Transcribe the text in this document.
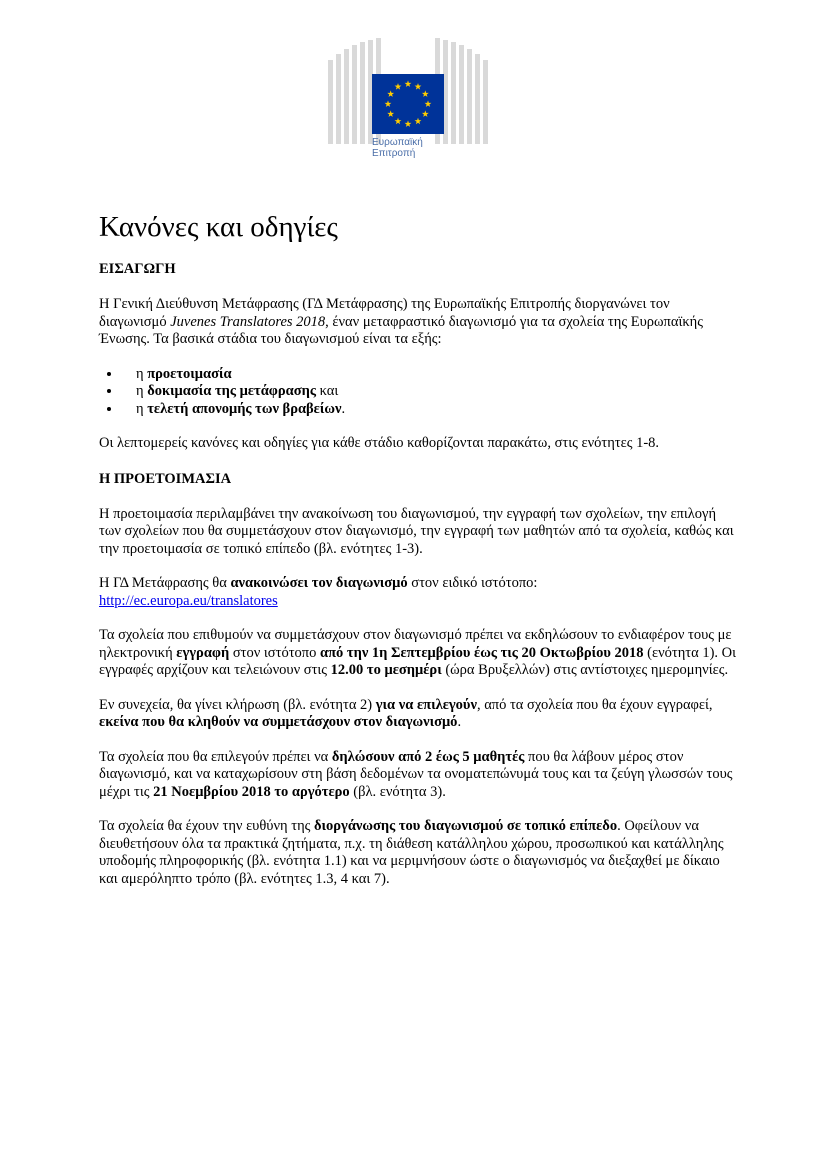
Ευρωπαϊκή
Επιτροπή
Κανόνες και οδηγίες
ΕΙΣΑΓΩΓΗ

Η Γενική Διεύθυνση Μετάφρασης (ΓΔ Μετάφρασης) της Ευρωπαϊκής Επιτροπής διοργανώνει τον διαγωνισμό Juvenes Translatores 2018, έναν μεταφραστικό διαγωνισμό για τα σχολεία της Ευρωπαϊκής Ένωσης. Τα βασικά στάδια του διαγωνισμού είναι τα εξής:

• η προετοιμασία
• η δοκιμασία της μετάφρασης και
• η τελετή απονομής των βραβείων.

Οι λεπτομερείς κανόνες και οδηγίες για κάθε στάδιο καθορίζονται παρακάτω, στις ενότητες 1-8.

Η ΠΡΟΕΤΟΙΜΑΣΙΑ

Η προετοιμασία περιλαμβάνει την ανακοίνωση του διαγωνισμού, την εγγραφή των σχολείων, την επιλογή των σχολείων που θα συμμετάσχουν στον διαγωνισμό, την εγγραφή των μαθητών από τα σχολεία, καθώς και την προετοιμασία σε τοπικό επίπεδο (βλ. ενότητες 1-3).

Η ΓΔ Μετάφρασης θα ανακοινώσει τον διαγωνισμό στον ειδικό ιστότοπο:
http://ec.europa.eu/translatores

Τα σχολεία που επιθυμούν να συμμετάσχουν στον διαγωνισμό πρέπει να εκδηλώσουν το ενδιαφέρον τους με ηλεκτρονική εγγραφή στον ιστότοπο από την 1η Σεπτεμβρίου έως τις 20 Οκτωβρίου 2018 (ενότητα 1). Οι εγγραφές αρχίζουν και τελειώνουν στις 12.00 το μεσημέρι (ώρα Βρυξελλών) στις αντίστοιχες ημερομηνίες.

Εν συνεχεία, θα γίνει κλήρωση (βλ. ενότητα 2) για να επιλεγούν, από τα σχολεία που θα έχουν εγγραφεί, εκείνα που θα κληθούν να συμμετάσχουν στον διαγωνισμό.

Τα σχολεία που θα επιλεγούν πρέπει να δηλώσουν από 2 έως 5 μαθητές που θα λάβουν μέρος στον διαγωνισμό, και να καταχωρίσουν στη βάση δεδομένων τα ονοματεπώνυμά τους και τα ζεύγη γλωσσών τους μέχρι τις 21 Νοεμβρίου 2018 το αργότερο (βλ. ενότητα 3).

Τα σχολεία θα έχουν την ευθύνη της διοργάνωσης του διαγωνισμού σε τοπικό επίπεδο. Οφείλουν να διευθετήσουν όλα τα πρακτικά ζητήματα, π.χ. τη διάθεση κατάλληλου χώρου, προσωπικού και κατάλληλης υποδομής πληροφορικής (βλ. ενότητα 1.1) και να μεριμνήσουν ώστε ο διαγωνισμός να διεξαχθεί με δίκαιο και αμερόληπτο τρόπο (βλ. ενότητες 1.3, 4 και 7).
